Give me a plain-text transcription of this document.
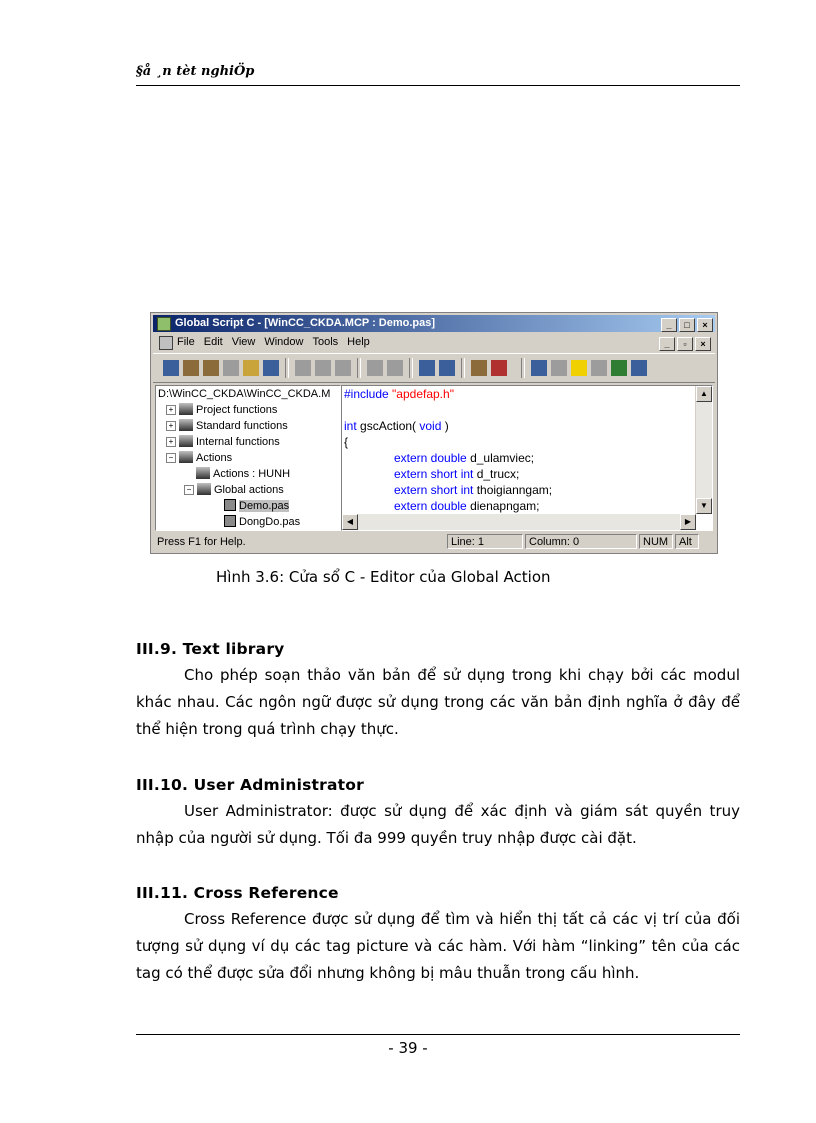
§å ¸n tèt nghiÖp
Global Script C - [WinCC_CKDA.MCP : Demo.pas]	_ □ ×
File Edit View Window Tools Help	_ ▫ ×
D:\WinCC_CKDA\WinCC_CKDA.M
+ Project functions
+ Standard functions
+ Internal functions
− Actions
Actions : HUNH
− Global actions
Demo.pas
DongDo.pas
#include "apdefap.h"
int gscAction( void )
{
extern double d_ulamviec;
extern short int d_trucx;
extern short int thoigianngam;
extern double dienapngam;
▲
▼
◀	▶
Press F1 for Help.	Line: 1	Column: 0	NUM Alt
Hình 3.6: Cửa sổ C - Editor của Global Action
III.9. Text library

Cho phép soạn thảo văn bản để sử dụng trong khi chạy bởi các modul khác nhau. Các ngôn ngữ được sử dụng trong các văn bản định nghĩa ở đây để thể hiện trong quá trình chạy thực.

III.10. User Administrator

User Administrator: được sử dụng để xác định và giám sát quyền truy nhập của người sử dụng. Tối đa 999 quyền truy nhập được cài đặt.

III.11. Cross Reference

Cross Reference được sử dụng để tìm và hiển thị tất cả các vị trí của đối tượng sử dụng ví dụ các tag picture và các hàm. Với hàm “linking” tên của các tag có thể được sửa đổi nhưng không bị mâu thuẫn trong cấu hình.

- 39 -
